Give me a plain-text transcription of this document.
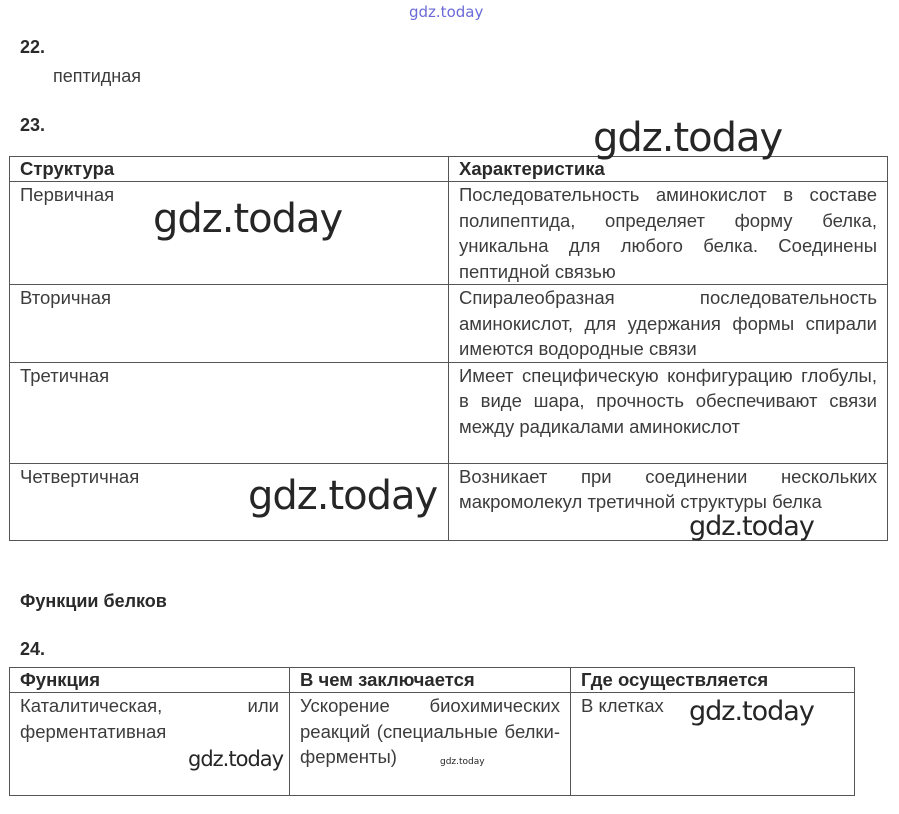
gdz.today
22.
пептидная
23.
Структура	Характеристика
Первичная	Последовательность аминокислот в составе полипептида, определяет форму белка, уникальна для любого белка. Соединены пептидной связью
Вторичная	Спиралеобразная последовательность аминокислот, для удержания формы спирали имеются водородные связи
Третичная	Имеет специфическую конфигурацию глобулы, в виде шара, прочность обеспечивают связи между радикалами аминокислот
Четвертичная	Возникает при соединении нескольких макромолекул третичной структуры белка
Функции белков
24.
Функция	В чем заключается	Где осуществляется
Каталитическая, или ферментативная	Ускорение биохимических реакций (специальные белки-ферменты)	В клетках
gdz.today
gdz.today
gdz.today
gdz.today
gdz.today
gdz.today	gdz.today
